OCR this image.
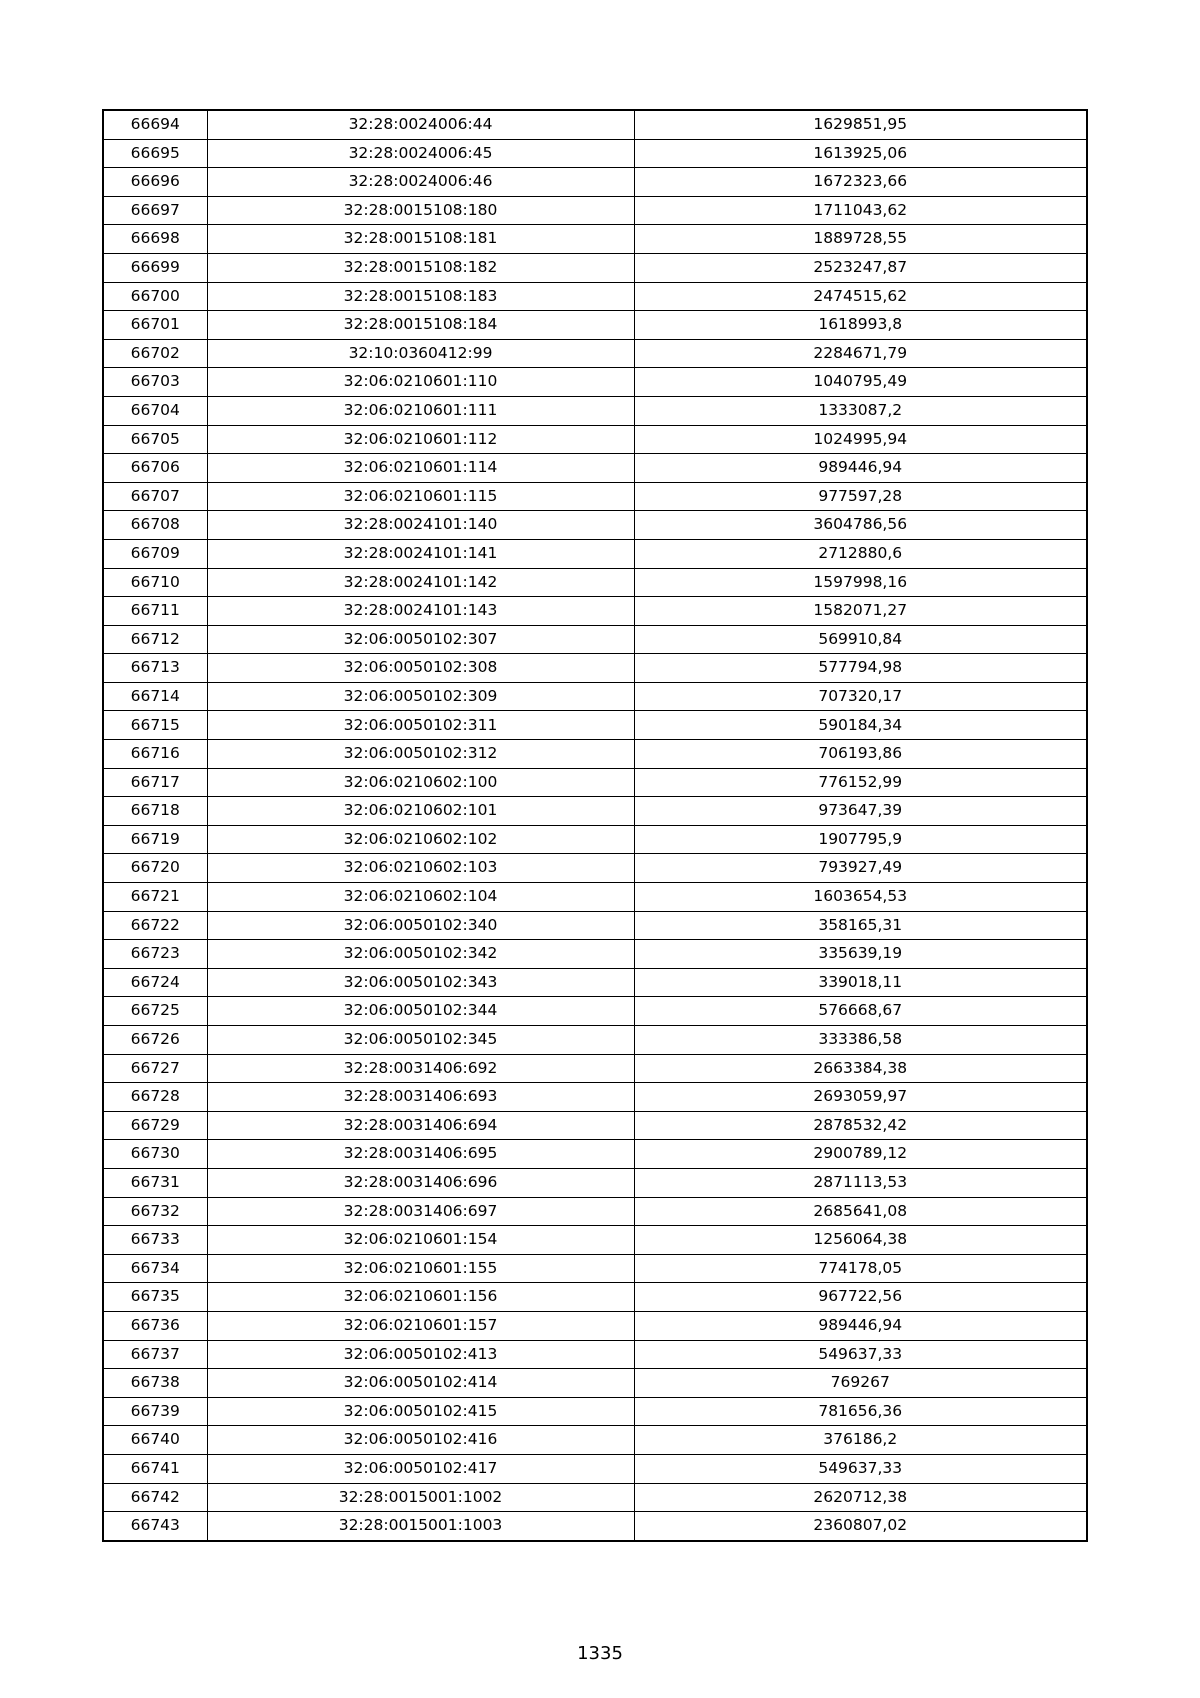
66694	32:28:0024006:44	1629851,95
66695	32:28:0024006:45	1613925,06
66696	32:28:0024006:46	1672323,66
66697	32:28:0015108:180	1711043,62
66698	32:28:0015108:181	1889728,55
66699	32:28:0015108:182	2523247,87
66700	32:28:0015108:183	2474515,62
66701	32:28:0015108:184	1618993,8
66702	32:10:0360412:99	2284671,79
66703	32:06:0210601:110	1040795,49
66704	32:06:0210601:111	1333087,2
66705	32:06:0210601:112	1024995,94
66706	32:06:0210601:114	989446,94
66707	32:06:0210601:115	977597,28
66708	32:28:0024101:140	3604786,56
66709	32:28:0024101:141	2712880,6
66710	32:28:0024101:142	1597998,16
66711	32:28:0024101:143	1582071,27
66712	32:06:0050102:307	569910,84
66713	32:06:0050102:308	577794,98
66714	32:06:0050102:309	707320,17
66715	32:06:0050102:311	590184,34
66716	32:06:0050102:312	706193,86
66717	32:06:0210602:100	776152,99
66718	32:06:0210602:101	973647,39
66719	32:06:0210602:102	1907795,9
66720	32:06:0210602:103	793927,49
66721	32:06:0210602:104	1603654,53
66722	32:06:0050102:340	358165,31
66723	32:06:0050102:342	335639,19
66724	32:06:0050102:343	339018,11
66725	32:06:0050102:344	576668,67
66726	32:06:0050102:345	333386,58
66727	32:28:0031406:692	2663384,38
66728	32:28:0031406:693	2693059,97
66729	32:28:0031406:694	2878532,42
66730	32:28:0031406:695	2900789,12
66731	32:28:0031406:696	2871113,53
66732	32:28:0031406:697	2685641,08
66733	32:06:0210601:154	1256064,38
66734	32:06:0210601:155	774178,05
66735	32:06:0210601:156	967722,56
66736	32:06:0210601:157	989446,94
66737	32:06:0050102:413	549637,33
66738	32:06:0050102:414	769267
66739	32:06:0050102:415	781656,36
66740	32:06:0050102:416	376186,2
66741	32:06:0050102:417	549637,33
66742	32:28:0015001:1002	2620712,38
66743	32:28:0015001:1003	2360807,02
1335
